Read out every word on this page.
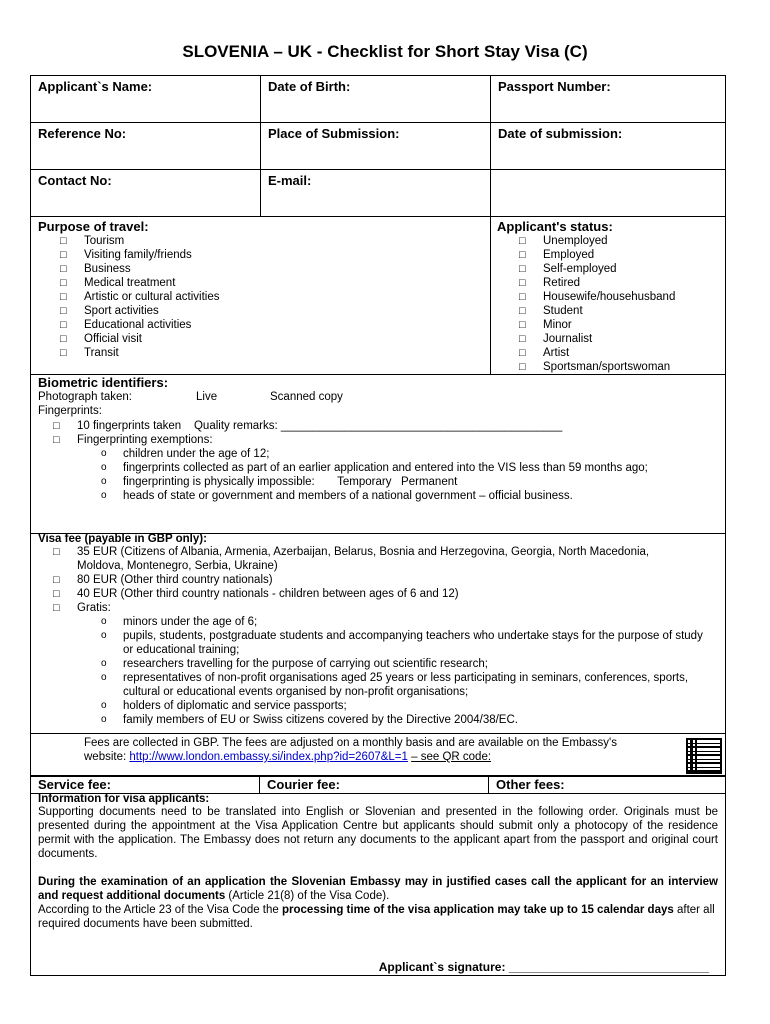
SLOVENIA – UK - Checklist for Short Stay Visa (C)
Applicant`s Name:	Date of Birth:	Passport Number:
Reference No:	Place of Submission:	Date of submission:
Contact No:	E-mail:	
Purpose of travel:
□ Tourism
□ Visiting family/friends
□ Business
□ Medical treatment
□ Artistic or cultural activities
□ Sport activities
□ Educational activities
□ Official visit
□ Transit
Applicant's status:
□ Unemployed
□ Employed
□ Self-employed
□ Retired
□ Housewife/househusband
□ Student
□ Minor
□ Journalist
□ Artist
□ Sportsman/sportswoman
Biometric identifiers:
Photograph taken:	Live	Scanned copy
Fingerprints:
□ 10 fingerprints taken Quality remarks: ____________________________________________
□ Fingerprinting exemptions:
o children under the age of 12;
o fingerprints collected as part of an earlier application and entered into the VIS less than 59 months ago;
o fingerprinting is physically impossible: Temporary Permanent
o heads of state or government and members of a national government – official business.
Visa fee (payable in GBP only):
□ 35 EUR (Citizens of Albania, Armenia, Azerbaijan, Belarus, Bosnia and Herzegovina, Georgia, North Macedonia, Moldova, Montenegro, Serbia, Ukraine)
□ 80 EUR (Other third country nationals)
□ 40 EUR (Other third country nationals - children between ages of 6 and 12)
□ Gratis:
o minors under the age of 6;
o pupils, students, postgraduate students and accompanying teachers who undertake stays for the purpose of study or educational training;
o researchers travelling for the purpose of carrying out scientific research;
o representatives of non-profit organisations aged 25 years or less participating in seminars, conferences, sports, cultural or educational events organised by non-profit organisations;
o holders of diplomatic and service passports;
o family members of EU or Swiss citizens covered by the Directive 2004/38/EC.
Fees are collected in GBP. The fees are adjusted on a monthly basis and are available on the Embassy's website: http://www.london.embassy.si/index.php?id=2607&L=1 – see QR code:
Service fee:	Courier fee:	Other fees:
Information for visa applicants:
Supporting documents need to be translated into English or Slovenian and presented in the following order. Originals must be presented during the appointment at the Visa Application Centre but applicants should submit only a photocopy of the residence permit with the application. The Embassy does not return any documents to the applicant apart from the passport and original court documents.
During the examination of an application the Slovenian Embassy may in justified cases call the applicant for an interview and request additional documents (Article 21(8) of the Visa Code).
According to the Article 23 of the Visa Code the processing time of the visa application may take up to 15 calendar days after all required documents have been submitted.
Applicant`s signature: ______________________________
